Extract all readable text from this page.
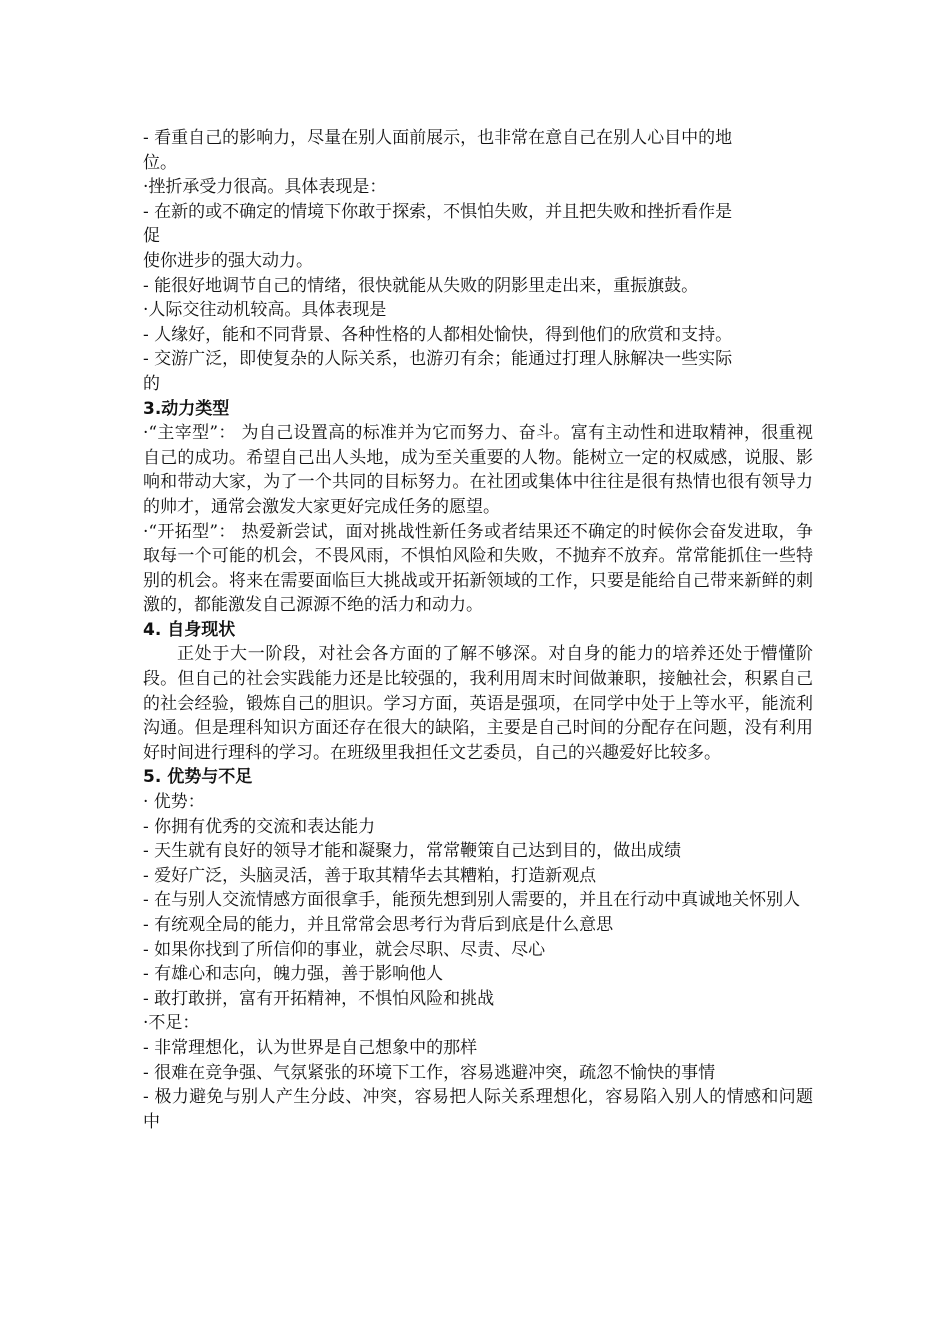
- 看重自己的影响力，尽量在别人面前展示，也非常在意自己在别人心目中的地
位。
·挫折承受力很高。具体表现是：
- 在新的或不确定的情境下你敢于探索，不惧怕失败，并且把失败和挫折看作是
促
使你进步的强大动力。
- 能很好地调节自己的情绪，很快就能从失败的阴影里走出来，重振旗鼓。
·人际交往动机较高。具体表现是
- 人缘好，能和不同背景、各种性格的人都相处愉快，得到他们的欣赏和支持。
- 交游广泛，即使复杂的人际关系，也游刃有余；能通过打理人脉解决一些实际
的
3.动力类型
·“主宰型”： 为自己设置高的标准并为它而努力、奋斗。富有主动性和进取精神，很重视自己的成功。希望自己出人头地，成为至关重要的人物。能树立一定的权威感，说服、影响和带动大家，为了一个共同的目标努力。在社团或集体中往往是很有热情也很有领导力的帅才，通常会激发大家更好完成任务的愿望。
·“开拓型”： 热爱新尝试，面对挑战性新任务或者结果还不确定的时候你会奋发进取，争取每一个可能的机会，不畏风雨，不惧怕风险和失败，不抛弃不放弃。常常能抓住一些特别的机会。将来在需要面临巨大挑战或开拓新领域的工作，只要是能给自己带来新鲜的刺激的，都能激发自己源源不绝的活力和动力。
4. 自身现状
正处于大一阶段，对社会各方面的了解不够深。对自身的能力的培养还处于懵懂阶段。但自己的社会实践能力还是比较强的，我利用周末时间做兼职，接触社会，积累自己的社会经验，锻炼自己的胆识。学习方面，英语是强项，在同学中处于上等水平，能流利沟通。但是理科知识方面还存在很大的缺陷，主要是自己时间的分配存在问题，没有利用好时间进行理科的学习。在班级里我担任文艺委员，自己的兴趣爱好比较多。
5. 优势与不足
· 优势：
- 你拥有优秀的交流和表达能力
- 天生就有良好的领导才能和凝聚力，常常鞭策自己达到目的，做出成绩
- 爱好广泛，头脑灵活，善于取其精华去其糟粕，打造新观点
- 在与别人交流情感方面很拿手，能预先想到别人需要的，并且在行动中真诚地关怀别人
- 有统观全局的能力，并且常常会思考行为背后到底是什么意思
- 如果你找到了所信仰的事业，就会尽职、尽责、尽心
- 有雄心和志向，魄力强，善于影响他人
- 敢打敢拼，富有开拓精神，不惧怕风险和挑战
·不足：
- 非常理想化，认为世界是自己想象中的那样
- 很难在竞争强、气氛紧张的环境下工作，容易逃避冲突，疏忽不愉快的事情
- 极力避免与别人产生分歧、冲突，容易把人际关系理想化，容易陷入别人的情感和问题中
